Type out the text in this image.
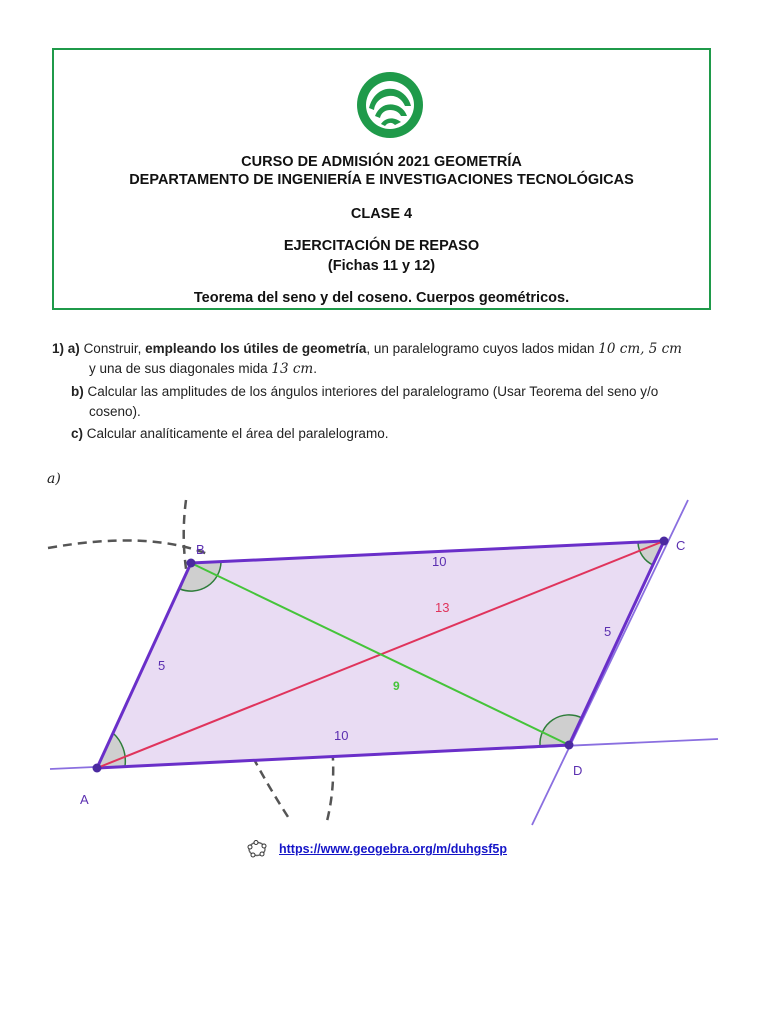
CURSO DE ADMISIÓN 2021 GEOMETRÍA
DEPARTAMENTO DE INGENIERÍA E INVESTIGACIONES TECNOLÓGICAS
CLASE 4
EJERCITACIÓN DE REPASO
(Fichas 11 y 12)
Teorema del seno y del coseno. Cuerpos geométricos.
1) a) Construir, empleando los útiles de geometría, un paralelogramo cuyos lados midan 10 cm, 5 cm
y una de sus diagonales mida 13 cm.
b) Calcular las amplitudes de los ángulos interiores del paralelogramo (Usar Teorema del seno y/o
coseno).
c) Calcular analíticamente el área del paralelogramo.
a)
A
B	C
D
10
5
5
10
13
9
https://www.geogebra.org/m/duhgsf5p
